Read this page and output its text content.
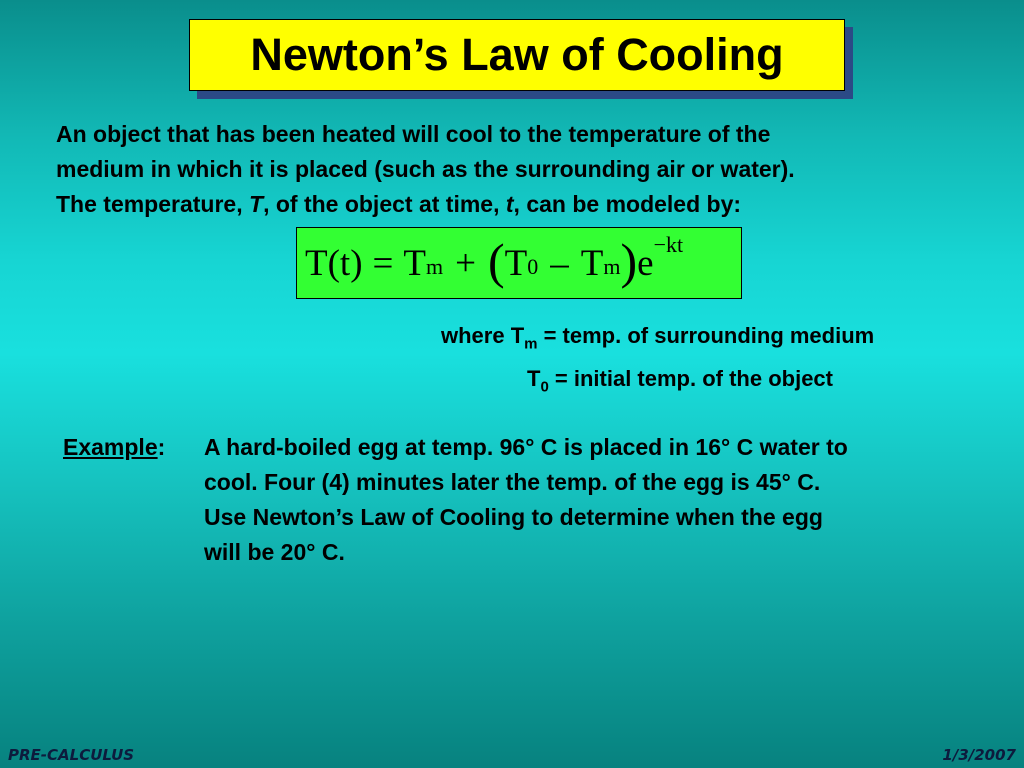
Newton’s Law of Cooling
An object that has been heated will cool to the temperature of the
medium in which it is placed (such as the surrounding air or water).
The temperature, T, of the object at time, t, can be modeled by:
$T(t) = T_m$ + ( $T_0 - T_m$ ) $e^{-kt}$
where $T_m$ = temp. of surrounding medium
$T_0$ = initial temp. of the object
Example: A hard-boiled egg at temp. 96° C is placed in 16° C water to
cool. Four (4) minutes later the temp. of the egg is 45° C.
Use Newton’s Law of Cooling to determine when the egg
will be 20° C.
PRE-CALCULUS	1/3/2007
